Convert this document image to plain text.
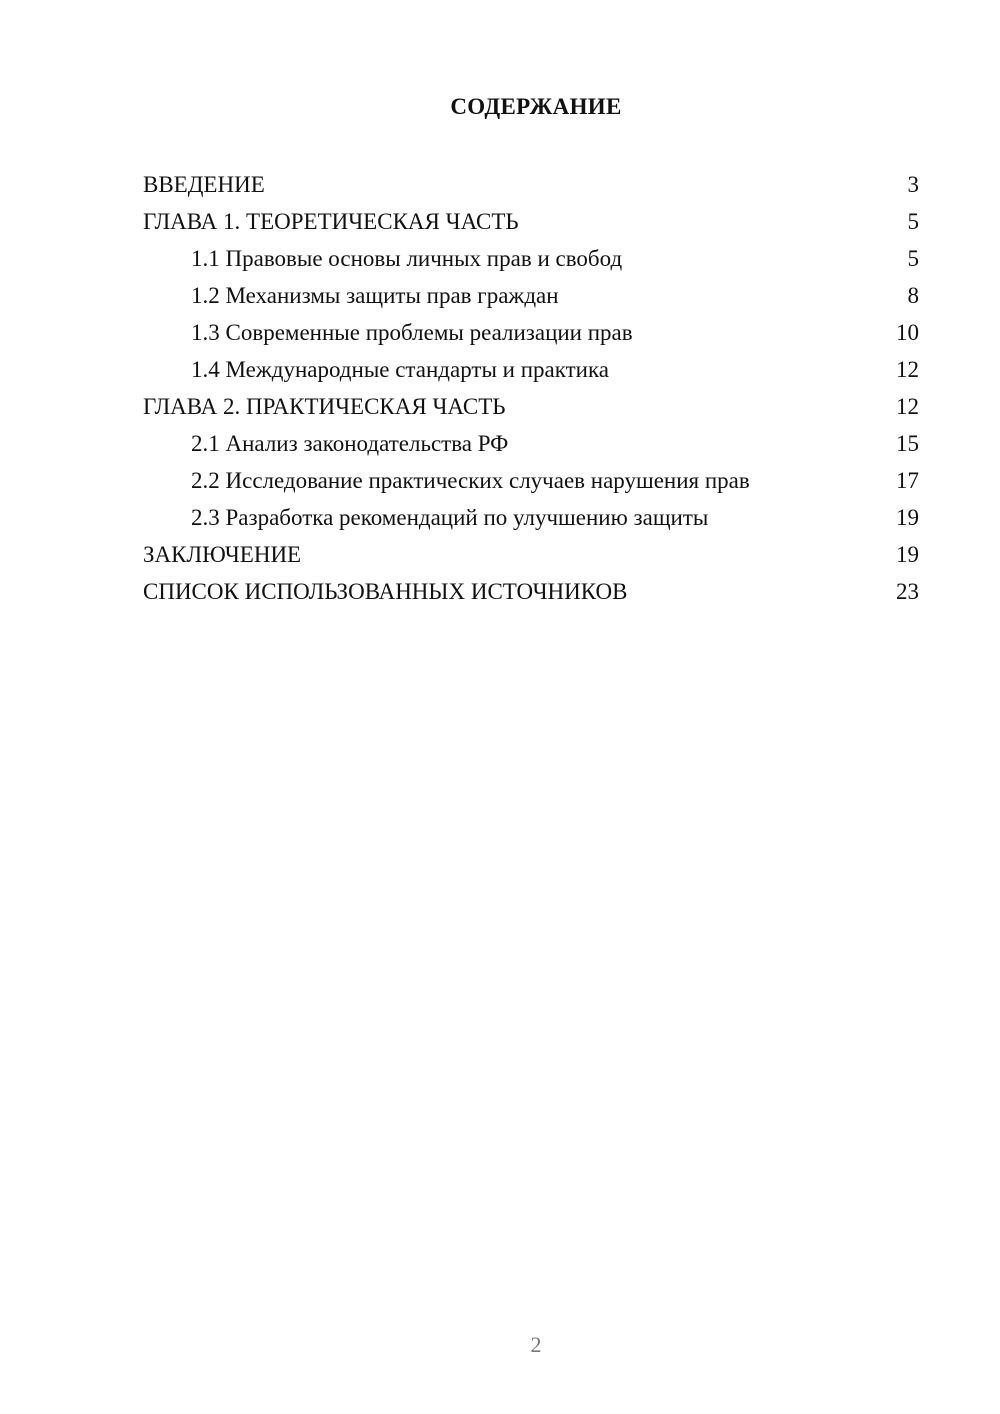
СОДЕРЖАНИЕ
ВВЕДЕНИЕ	3
ГЛАВА 1. ТЕОРЕТИЧЕСКАЯ ЧАСТЬ	5
1.1 Правовые основы личных прав и свобод	5
1.2 Механизмы защиты прав граждан	8
1.3 Современные проблемы реализации прав	10
1.4 Международные стандарты и практика	12
ГЛАВА 2. ПРАКТИЧЕСКАЯ ЧАСТЬ	12
2.1 Анализ законодательства РФ	15
2.2 Исследование практических случаев нарушения прав	17
2.3 Разработка рекомендаций по улучшению защиты	19
ЗАКЛЮЧЕНИЕ	19
СПИСОК ИСПОЛЬЗОВАННЫХ ИСТОЧНИКОВ	23
2
